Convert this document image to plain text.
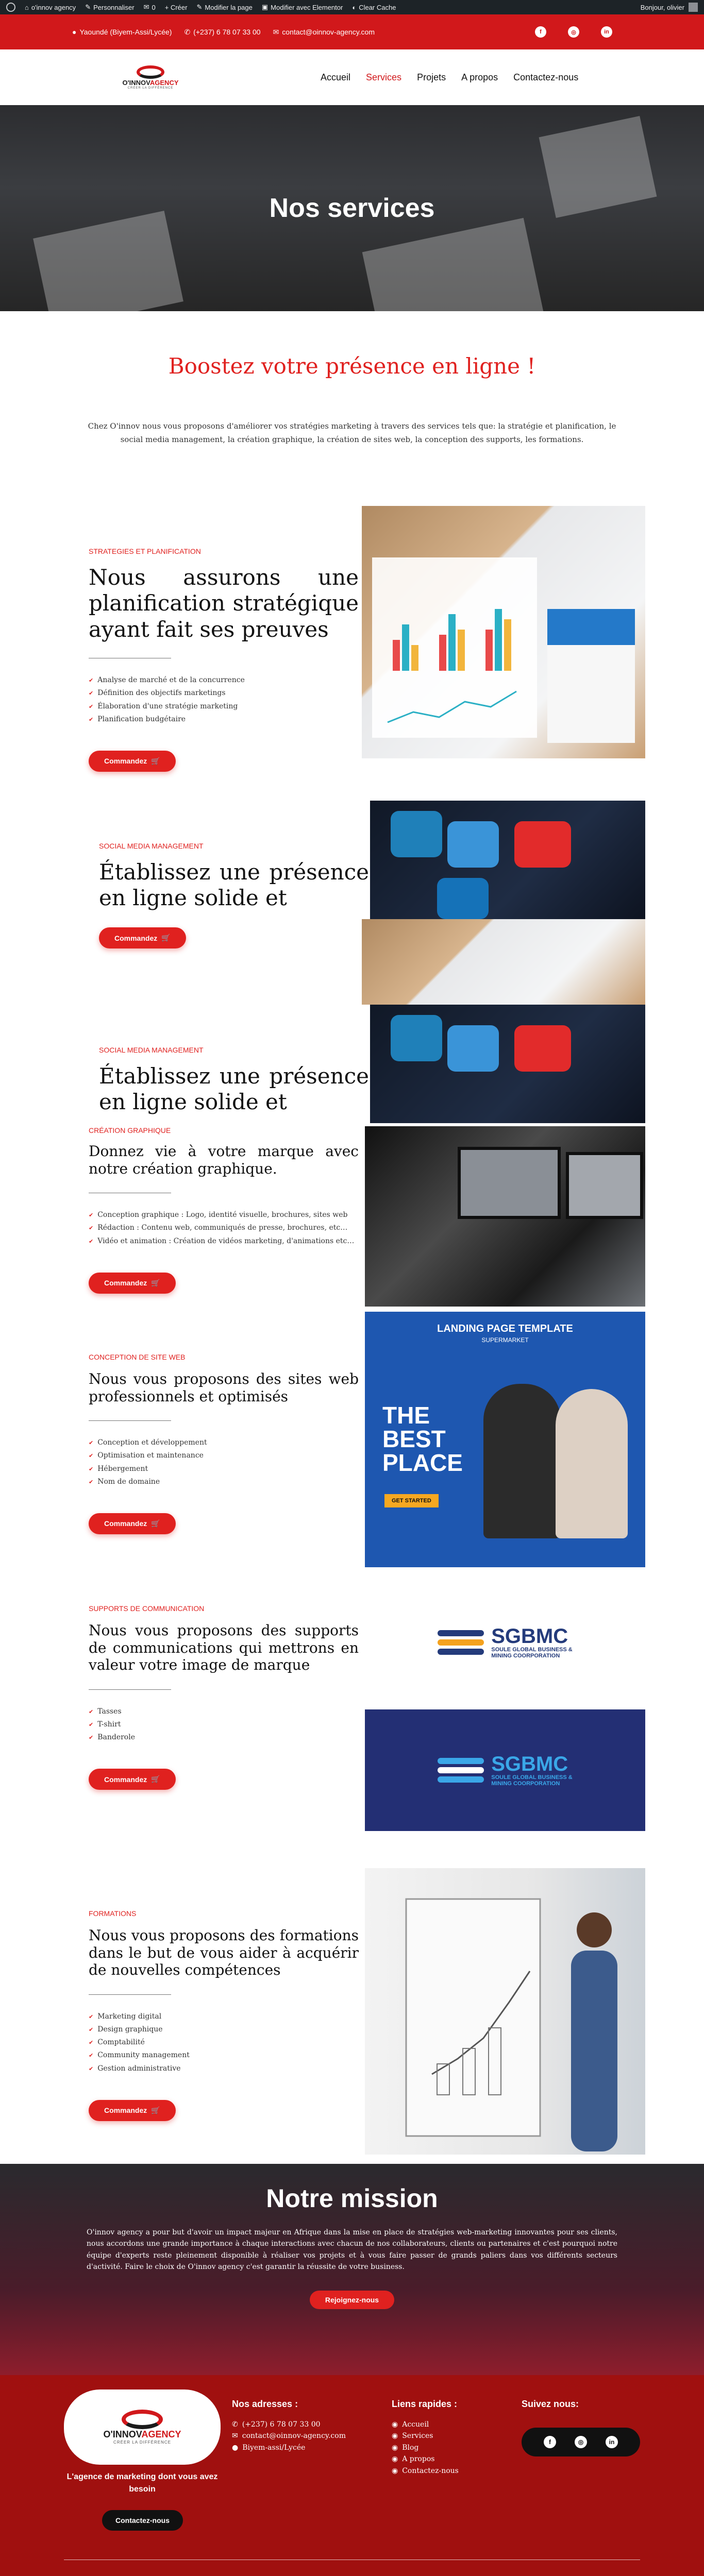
⌂ o'innov agency ✎ Personnaliser ✉ 0 + Créer ✎ Modifier la page ▣ Modifier avec Elementor ◐ Clear Cache	Bonjour, olivier
● Yaoundé (Biyem-Assi/Lycée) ✆ (+237) 6 78 07 33 00 ✉ contact@oinnov-agency.com	f	◎	in
O'INNOVAGENCY
CRÉER LA DIFFÉRENCE
Accueil Services Projets A propos Contactez-nous
Nos services
Boostez votre présence en ligne !

Chez O'innov nous vous proposons d'améliorer vos stratégies marketing à travers des services tels que: la stratégie et planification, le social media management, la création graphique, la création de sites web, la conception des supports, les formations.

STRATEGIES ET PLANIFICATION
Nous assurons une planification stratégique ayant fait ses preuves
✔ Analyse de marché et de la concurrence
✔ Définition des objectifs marketings
✔ Élaboration d'une stratégie marketing
✔ Planification budgétaire
Commandez 🛒
SOCIAL MEDIA MANAGEMENT
Établissez une présence en ligne solide et
Commandez 🛒
SOCIAL MEDIA MANAGEMENT
Établissez une présence en ligne solide et
CRÉATION GRAPHIQUE
Donnez vie à votre marque avec notre création graphique.
✔ Conception graphique : Logo, identité visuelle, brochures, sites web
✔ Rédaction : Contenu web, communiqués de presse, brochures, etc…
✔ Vidéo et animation : Création de vidéos marketing, d'animations etc…
Commandez 🛒
CONCEPTION DE SITE WEB
Nous vous proposons des sites web professionnels et optimisés
✔ Conception et développement
✔ Optimisation et maintenance
✔ Hébergement
✔ Nom de domaine
Commandez 🛒
LANDING PAGE TEMPLATE
SUPERMARKET
THE BEST PLACE
GET STARTED
SUPPORTS DE COMMUNICATION
Nous vous proposons des supports de communications qui mettrons en valeur votre image de marque
✔ Tasses
✔ T-shirt
✔ Banderole
Commandez 🛒
SGBMC
SOULE GLOBAL BUSINESS &
MINING COORPORATION
SGBMC
SOULE GLOBAL BUSINESS &
MINING COORPORATION
FORMATIONS
Nous vous proposons des formations dans le but de vous aider à acquérir de nouvelles compétences
✔ Marketing digital
✔ Design graphique
✔ Comptabilité
✔ Community management
✔ Gestion administrative
Commandez 🛒
Notre mission

O'innov agency a pour but d'avoir un impact majeur en Afrique dans la mise en place de stratégies web-marketing innovantes pour ses clients, nous accordons une grande importance à chaque interactions avec chacun de nos collaborateurs, clients ou partenaires et c'est pourquoi notre équipe d'experts reste pleinement disponible à réaliser vos projets et à vous faire passer de grands paliers dans vos différents secteurs d'activité. Faire le choix de O'innov agency c'est garantir la réussite de votre business.

Rejoignez-nous
O'INNOVAGENCY
CRÉER LA DIFFÉRENCE
L'agence de marketing dont vous avez besoin
Contactez-nous
Nos adresses :
✆ (+237) 6 78 07 33 00
✉ contact@oinnov-agency.com
● Biyem-assi/Lycée
Liens rapides :
◉ Accueil
◉ Services
◉ Blog
◉ A propos
◉ Contactez-nous
Suivez nous:
f	◎	in
